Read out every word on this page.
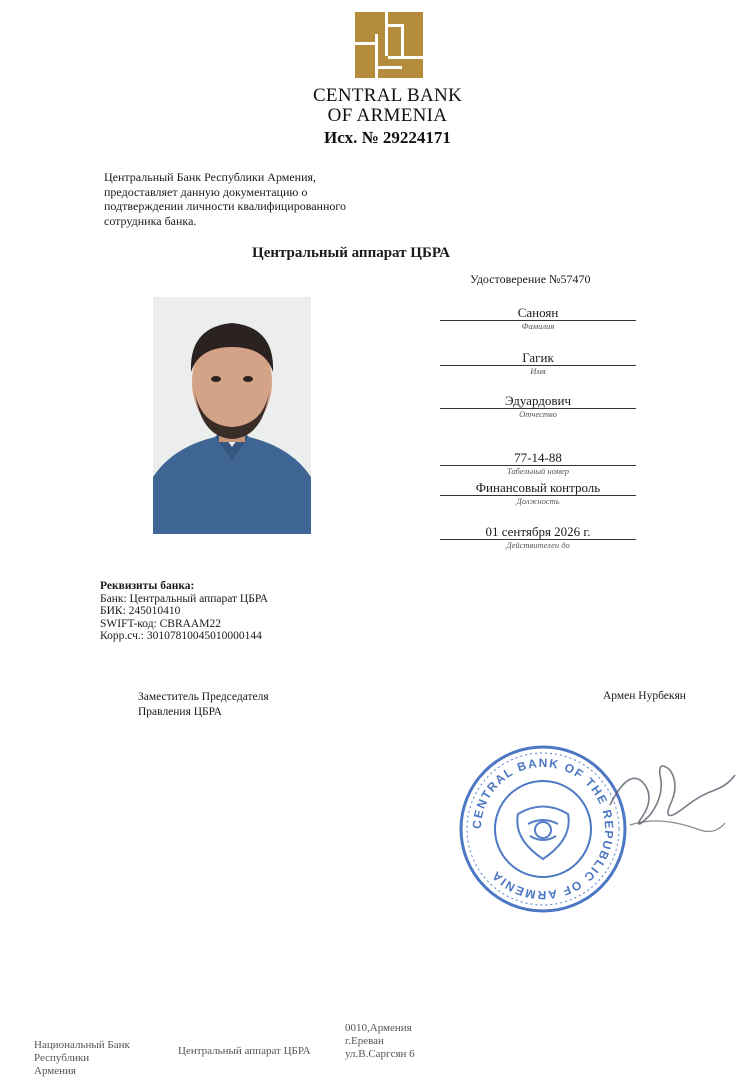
CENTRAL BANK
OF ARMENIA
Исх. № 29224171
Центральный Банк Республики Армения,
предоставляет данную документацию о
подтверждении личности квалифицированного
сотрудника банка.
Центральный аппарат ЦБРА
Удостоверение №57470
Саноян
Фамилия
Гагик
Имя
Эдуардович
Отчество
77-14-88
Табельный номер
Финансовый контроль
Должность
01 сентября 2026 г.
Действителен до
Реквизиты банка:
Банк: Центральный аппарат ЦБРА
БИК: 245010410
SWIFT-код: CBRAAM22
Корр.сч.: 30107810045010000144
Заместитель Председателя
Правления ЦБРА
Армен Нурбекян
CENTRAL BANK OF THE REPUBLIC OF ARMENIA
Национальный Банк
Республики
Армения
Центральный аппарат ЦБРА
0010,Армения
г.Ереван
ул.В.Саргсян 6
